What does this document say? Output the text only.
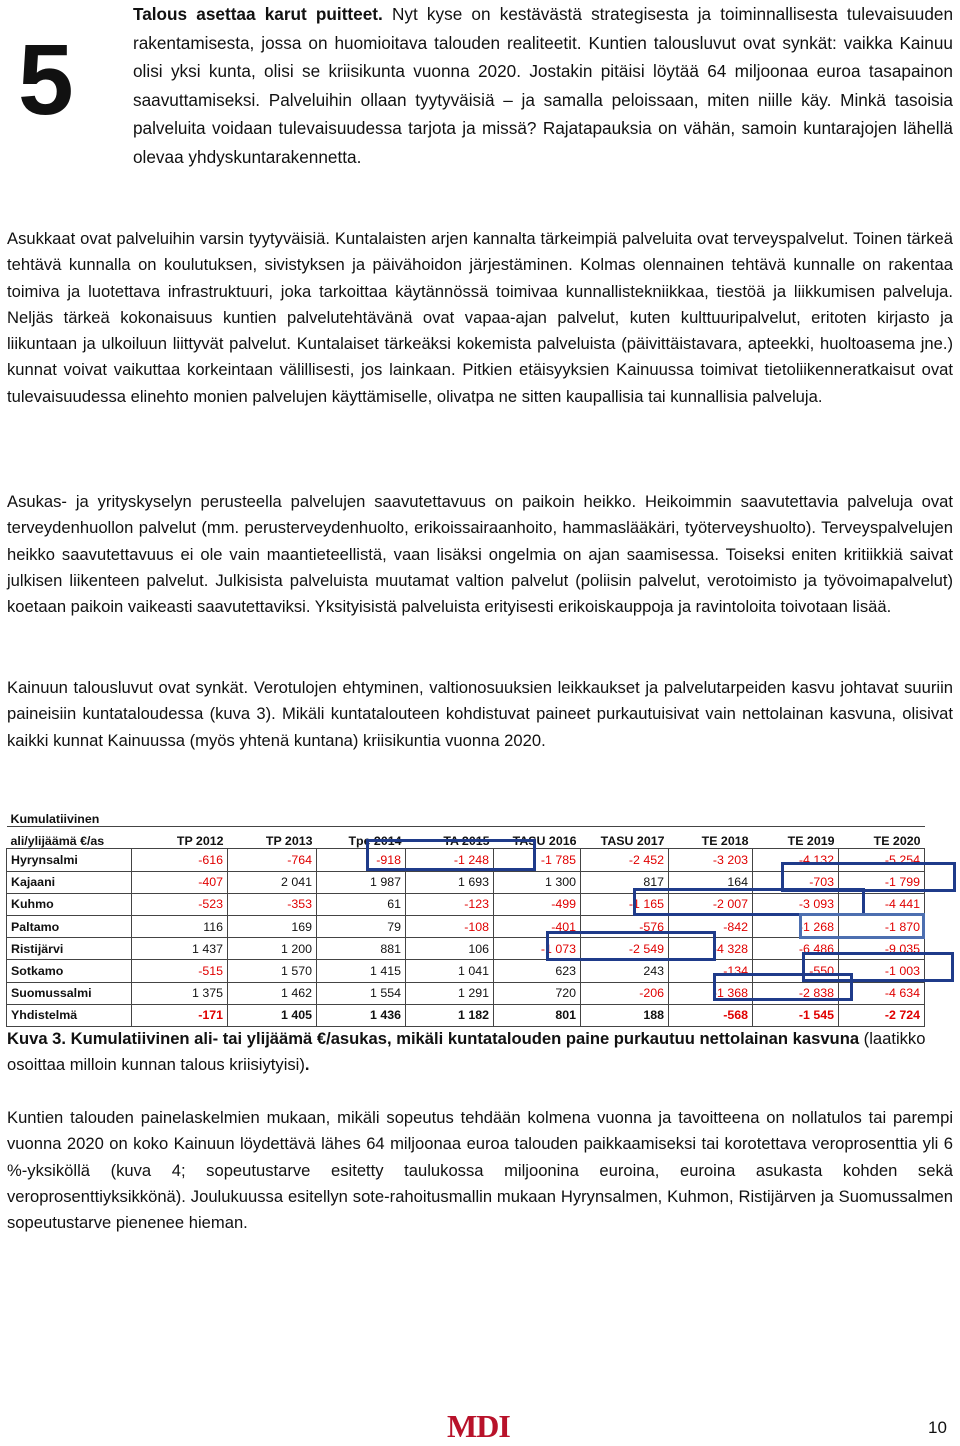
5

Talous asettaa karut puitteet. Nyt kyse on kestävästä strategisesta ja toiminnallisesta tulevaisuuden rakentamisesta, jossa on huomioitava talouden realiteetit. Kuntien talousluvut ovat synkät: vaikka Kainuu olisi yksi kunta, olisi se kriisikunta vuonna 2020. Jostakin pitäisi löytää 64 miljoonaa euroa tasapainon saavuttamiseksi. Palveluihin ollaan tyytyväisiä – ja samalla peloissaan, miten niille käy. Minkä tasoisia palveluita voidaan tulevaisuudessa tarjota ja missä? Rajatapauksia on vähän, samoin kuntarajojen lähellä olevaa yhdyskuntarakennetta.

Asukkaat ovat palveluihin varsin tyytyväisiä. Kuntalaisten arjen kannalta tärkeimpiä palveluita ovat terveyspalvelut. Toinen tärkeä tehtävä kunnalla on koulutuksen, sivistyksen ja päivähoidon järjestäminen. Kolmas olennainen tehtävä kunnalle on rakentaa toimiva ja luotettava infrastruktuuri, joka tarkoittaa käytännössä toimivaa kunnallistekniikkaa, tiestöä ja liikkumisen palveluja. Neljäs tärkeä kokonaisuus kuntien palvelutehtävänä ovat vapaa-ajan palvelut, kuten kulttuuripalvelut, eritoten kirjasto ja liikuntaan ja ulkoiluun liittyvät palvelut. Kuntalaiset tärkeäksi kokemista palveluista (päivittäistavara, apteekki, huoltoasema jne.) kunnat voivat vaikuttaa korkeintaan välillisesti, jos lainkaan. Pitkien etäisyyksien Kainuussa toimivat tietoliikenneratkaisut ovat tulevaisuudessa elinehto monien palvelujen käyttämiselle, olivatpa ne sitten kaupallisia tai kunnallisia palveluja.

Asukas- ja yrityskyselyn perusteella palvelujen saavutettavuus on paikoin heikko. Heikoimmin saavutettavia palveluja ovat terveydenhuollon palvelut (mm. perusterveydenhuolto, erikoissairaanhoito, hammaslääkäri, työterveyshuolto). Terveyspalvelujen heikko saavutettavuus ei ole vain maantieteellistä, vaan lisäksi ongelmia on ajan saamisessa. Toiseksi eniten kritiikkiä saivat julkisen liikenteen palvelut. Julkisista palveluista muutamat valtion palvelut (poliisin palvelut, verotoimisto ja työvoimapalvelut) koetaan paikoin vaikeasti saavutettaviksi. Yksityisistä palveluista erityisesti erikoiskauppoja ja ravintoloita toivotaan lisää.

Kainuun talousluvut ovat synkät. Verotulojen ehtyminen, valtionosuuksien leikkaukset ja palvelutarpeiden kasvu johtavat suuriin paineisiin kuntataloudessa (kuva 3). Mikäli kuntatalouteen kohdistuvat paineet purkautuisivat vain nettolainan kasvuna, olisivat kaikki kunnat Kainuussa (myös yhtenä kuntana) kriisikuntia vuonna 2020.

Kumulatiivinen									
ali/ylijäämä €/as	TP 2012	TP 2013	Tpe 2014	TA 2015	TASU 2016	TASU 2017	TE 2018	TE 2019	TE 2020
Hyrynsalmi	-616	-764	-918	-1 248	-1 785	-2 452	-3 203	-4 132	-5 254
Kajaani	-407	2 041	1 987	1 693	1 300	817	164	-703	-1 799
Kuhmo	-523	-353	61	-123	-499	-1 165	-2 007	-3 093	-4 441
Paltamo	116	169	79	-108	-401	-576	-842	-1 268	-1 870
Ristijärvi	1 437	1 200	881	106	-1 073	-2 549	-4 328	-6 486	-9 035
Sotkamo	-515	1 570	1 415	1 041	623	243	-134	-550	-1 003
Suomussalmi	1 375	1 462	1 554	1 291	720	-206	-1 368	-2 838	-4 634
Yhdistelmä	-171	1 405	1 436	1 182	801	188	-568	-1 545	-2 724

Kuva 3. Kumulatiivinen ali- tai ylijäämä €/asukas, mikäli kuntatalouden paine purkautuu nettolainan kasvuna (laatikko osoittaa milloin kunnan talous kriisiytyisi).

Kuntien talouden painelaskelmien mukaan, mikäli sopeutus tehdään kolmena vuonna ja tavoitteena on nollatulos tai parempi vuonna 2020 on koko Kainuun löydettävä lähes 64 miljoonaa euroa talouden paikkaamiseksi tai korotettava veroprosenttia yli 6 %-yksiköllä (kuva 4; sopeutustarve esitetty taulukossa miljoonina euroina, euroina asukasta kohden sekä veroprosenttiyksikkönä). Joulukuussa esitellyn sote-rahoitusmallin mukaan Hyrynsalmen, Kuhmon, Ristijärven ja Suomussalmen sopeutustarve pienenee hieman.

MDI	10
